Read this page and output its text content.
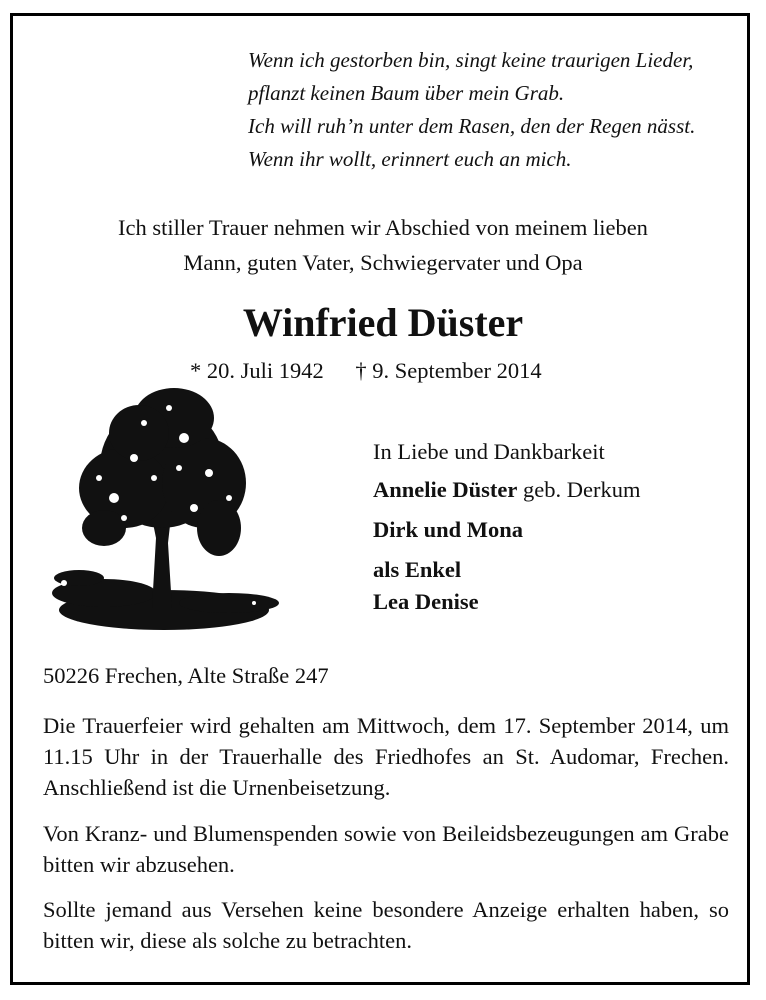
Wenn ich gestorben bin, singt keine traurigen Lieder,
pflanzt keinen Baum über mein Grab.
Ich will ruh’n unter dem Rasen, den der Regen nässt.
Wenn ihr wollt, erinnert euch an mich.
Ich stiller Trauer nehmen wir Abschied von meinem lieben
Mann, guten Vater, Schwiegervater und Opa
Winfried Düster
* 20. Juli 1942 † 9. September 2014
In Liebe und Dankbarkeit
Annelie Düster geb. Derkum
Dirk und Mona
als Enkel
Lea Denise
50226 Frechen, Alte Straße 247
Die Trauerfeier wird gehalten am Mittwoch, dem 17. September 2014, um 11.15 Uhr in der Trauerhalle des Friedhofes an St. Audomar, Frechen. Anschließend ist die Urnenbeisetzung.
Von Kranz- und Blumenspenden sowie von Beileidsbezeugungen am Grabe bitten wir abzusehen.
Sollte jemand aus Versehen keine besondere Anzeige erhalten haben, so bitten wir, diese als solche zu betrachten.
